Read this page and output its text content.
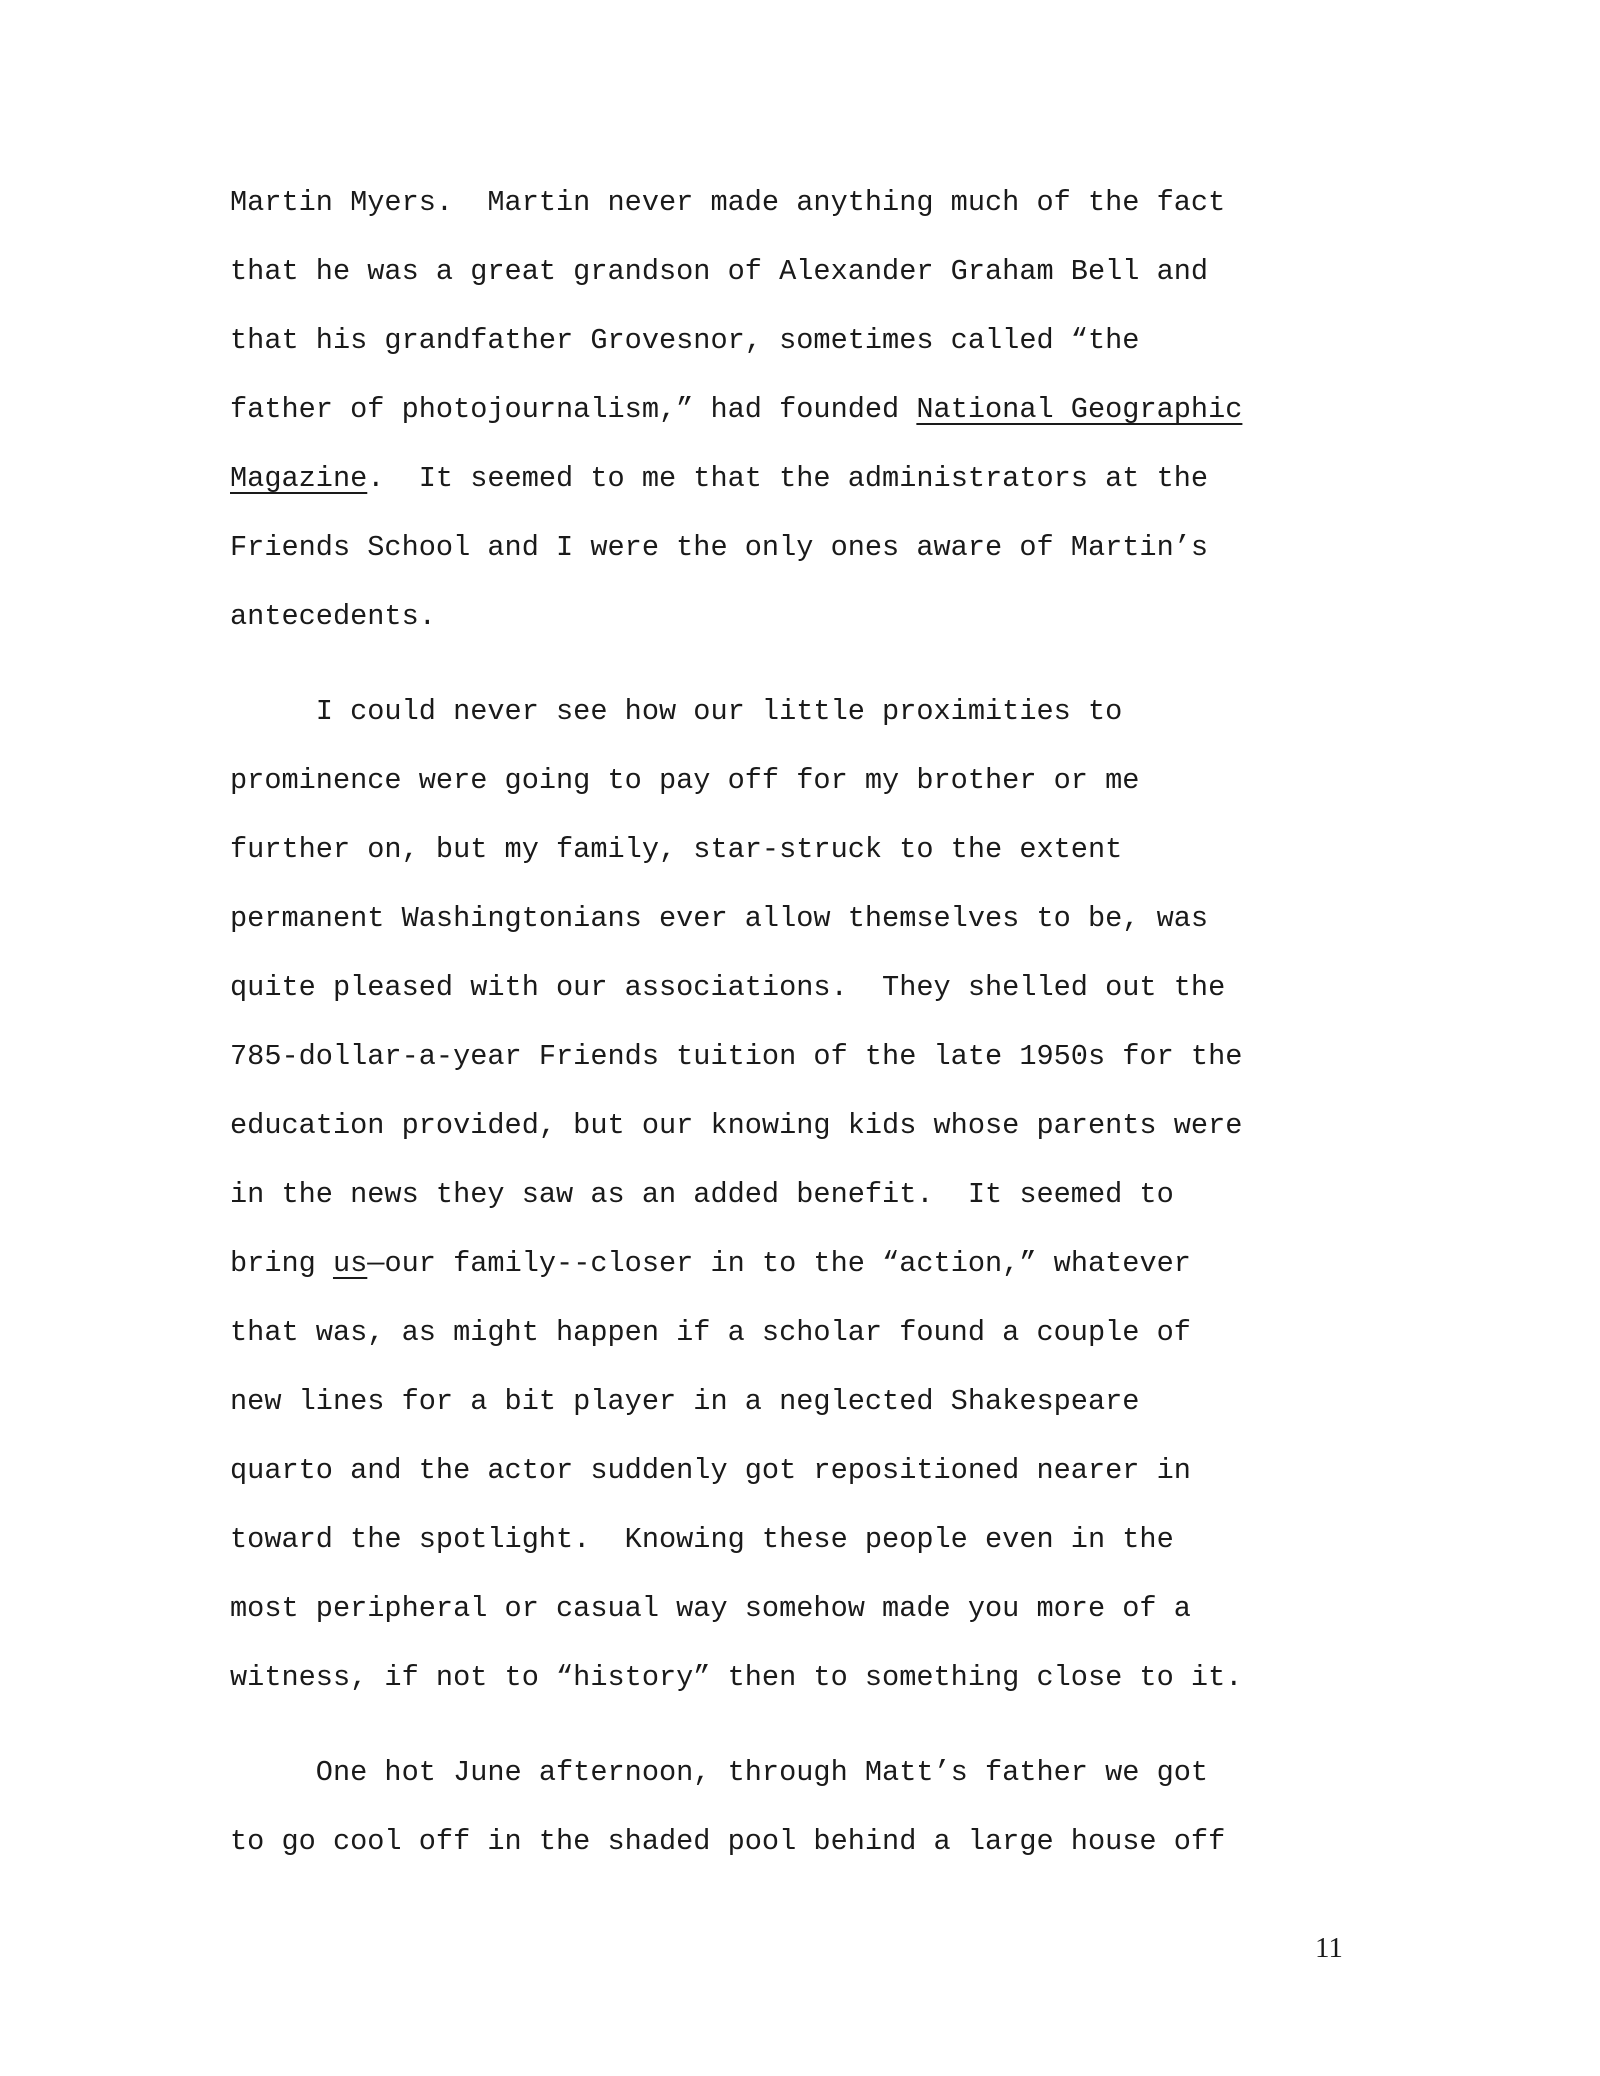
Martin Myers.  Martin never made anything much of the fact
that he was a great grandson of Alexander Graham Bell and
that his grandfather Grovesnor, sometimes called “the
father of photojournalism,” had founded National Geographic
Magazine.  It seemed to me that the administrators at the
Friends School and I were the only ones aware of Martin’s
antecedents.
I could never see how our little proximities to
prominence were going to pay off for my brother or me
further on, but my family, star-struck to the extent
permanent Washingtonians ever allow themselves to be, was
quite pleased with our associations.  They shelled out the
785-dollar-a-year Friends tuition of the late 1950s for the
education provided, but our knowing kids whose parents were
in the news they saw as an added benefit.  It seemed to
bring us—our family--closer in to the “action,” whatever
that was, as might happen if a scholar found a couple of
new lines for a bit player in a neglected Shakespeare
quarto and the actor suddenly got repositioned nearer in
toward the spotlight.  Knowing these people even in the
most peripheral or casual way somehow made you more of a
witness, if not to “history” then to something close to it.
One hot June afternoon, through Matt’s father we got
to go cool off in the shaded pool behind a large house off
11
